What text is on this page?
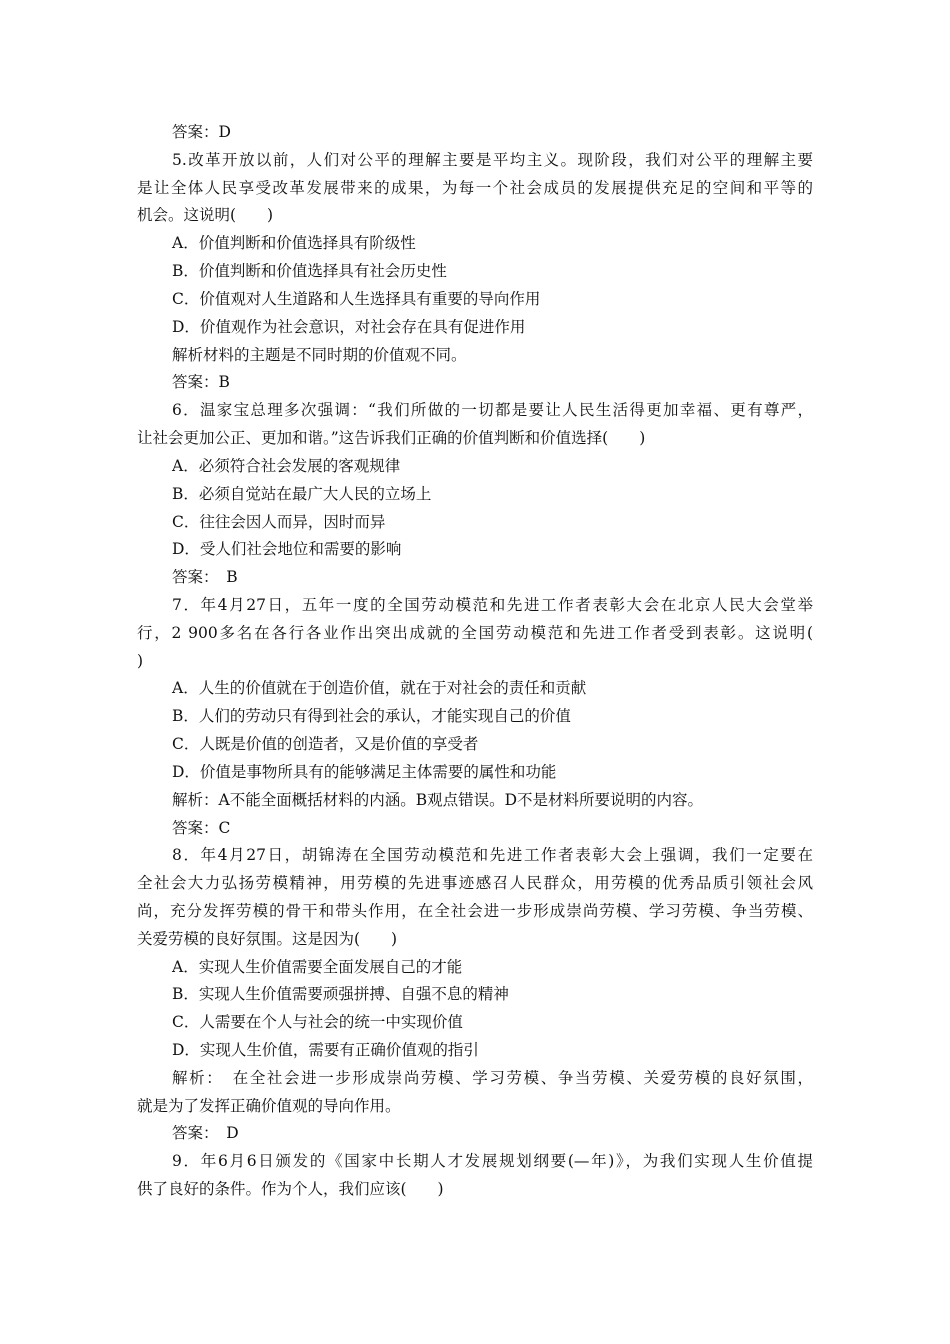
答案：D
5.改革开放以前，人们对公平的理解主要是平均主义。现阶段，我们对公平的理解主要
是让全体人民享受改革发展带来的成果，为每一个社会成员的发展提供充足的空间和平等的
机会。这说明(　　)
A．价值判断和价值选择具有阶级性
B．价值判断和价值选择具有社会历史性
C．价值观对人生道路和人生选择具有重要的导向作用
D．价值观作为社会意识，对社会存在具有促进作用
解析材料的主题是不同时期的价值观不同。
答案：B
6．温家宝总理多次强调：“我们所做的一切都是要让人民生活得更加幸福、更有尊严，
让社会更加公正、更加和谐。”这告诉我们正确的价值判断和价值选择(　　)
A．必须符合社会发展的客观规律
B．必须自觉站在最广大人民的立场上
C．往往会因人而异，因时而异
D．受人们社会地位和需要的影响
答案：　B
7．年4月27日，五年一度的全国劳动模范和先进工作者表彰大会在北京人民大会堂举
行，2 900多名在各行各业作出突出成就的全国劳动模范和先进工作者受到表彰。这说明(
)
A．人生的价值就在于创造价值，就在于对社会的责任和贡献
B．人们的劳动只有得到社会的承认，才能实现自己的价值
C．人既是价值的创造者，又是价值的享受者
D．价值是事物所具有的能够满足主体需要的属性和功能
解析：A不能全面概括材料的内涵。B观点错误。D不是材料所要说明的内容。
答案：C
8．年4月27日，胡锦涛在全国劳动模范和先进工作者表彰大会上强调，我们一定要在
全社会大力弘扬劳模精神，用劳模的先进事迹感召人民群众，用劳模的优秀品质引领社会风
尚，充分发挥劳模的骨干和带头作用，在全社会进一步形成崇尚劳模、学习劳模、争当劳模、
关爱劳模的良好氛围。这是因为(　　)
A．实现人生价值需要全面发展自己的才能
B．实现人生价值需要顽强拼搏、自强不息的精神
C．人需要在个人与社会的统一中实现价值
D．实现人生价值，需要有正确价值观的指引
解析：　在全社会进一步形成崇尚劳模、学习劳模、争当劳模、关爱劳模的良好氛围，
就是为了发挥正确价值观的导向作用。
答案：　D
9．年6月6日颁发的《国家中长期人才发展规划纲要(—年)》，为我们实现人生价值提
供了良好的条件。作为个人，我们应该(　　)
